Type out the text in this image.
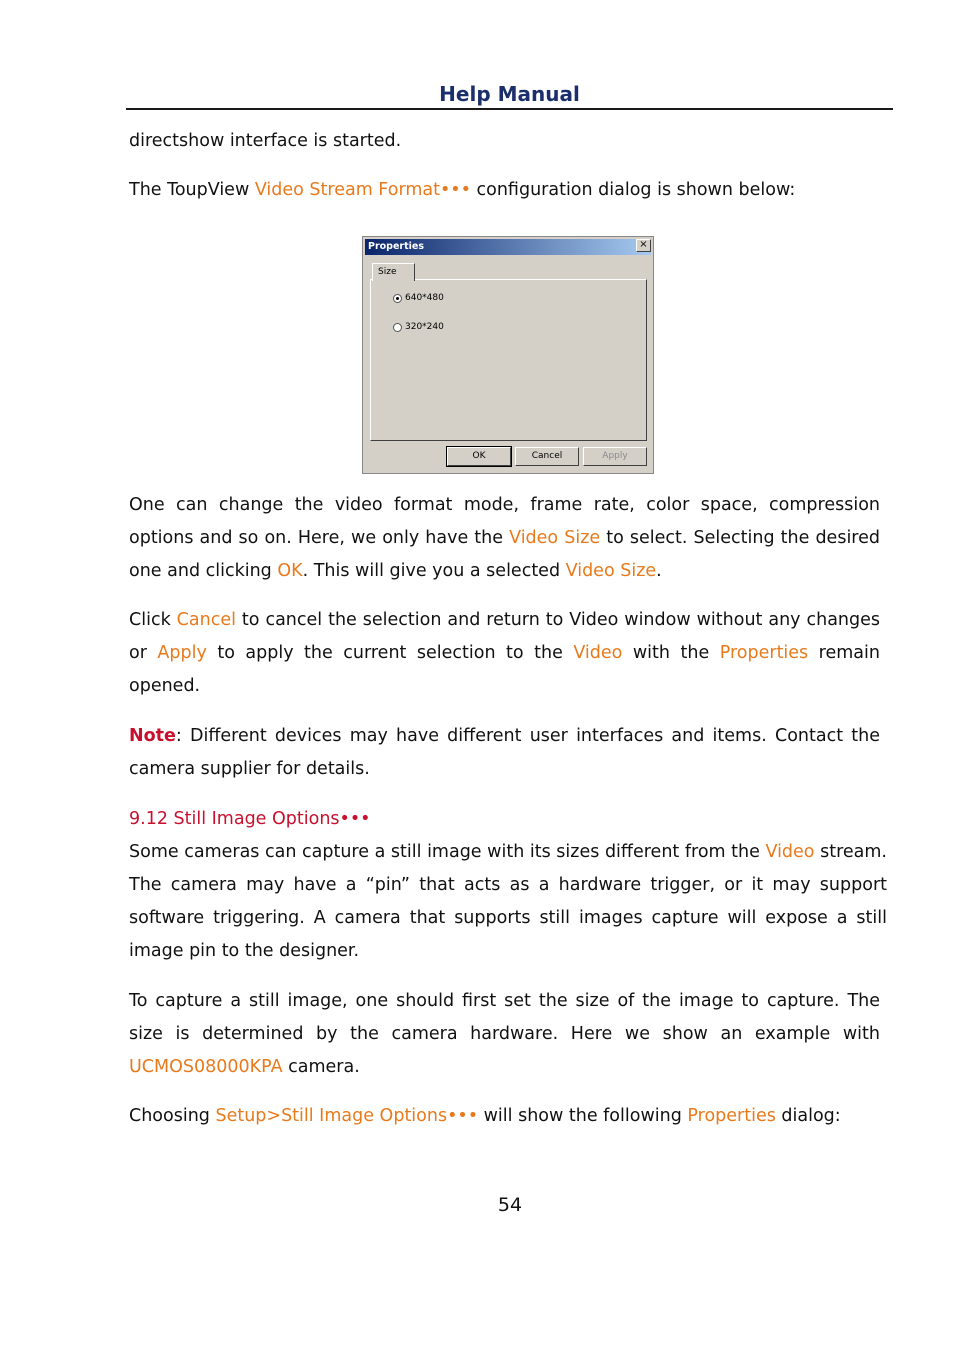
Help Manual

directshow interface is started.

The ToupView Video Stream Format••• configuration dialog is shown below:

Properties	×
Size
640*480
320*240
OK	Cancel	Apply

One can change the video format mode, frame rate, color space, compression options and so on. Here, we only have the Video Size to select. Selecting the desired one and clicking OK. This will give you a selected Video Size.

Click Cancel to cancel the selection and return to Video window without any changes or Apply to apply the current selection to the Video with the Properties remain opened.

Note: Different devices may have different user interfaces and items. Contact the camera supplier for details.

9.12 Still Image Options•••

Some cameras can capture a still image with its sizes different from the Video stream. The camera may have a “pin” that acts as a hardware trigger, or it may support software triggering. A camera that supports still images capture will expose a still image pin to the designer.

To capture a still image, one should first set the size of the image to capture. The size is determined by the camera hardware. Here we show an example with UCMOS08000KPA camera.

Choosing Setup>Still Image Options••• will show the following Properties dialog:

54
